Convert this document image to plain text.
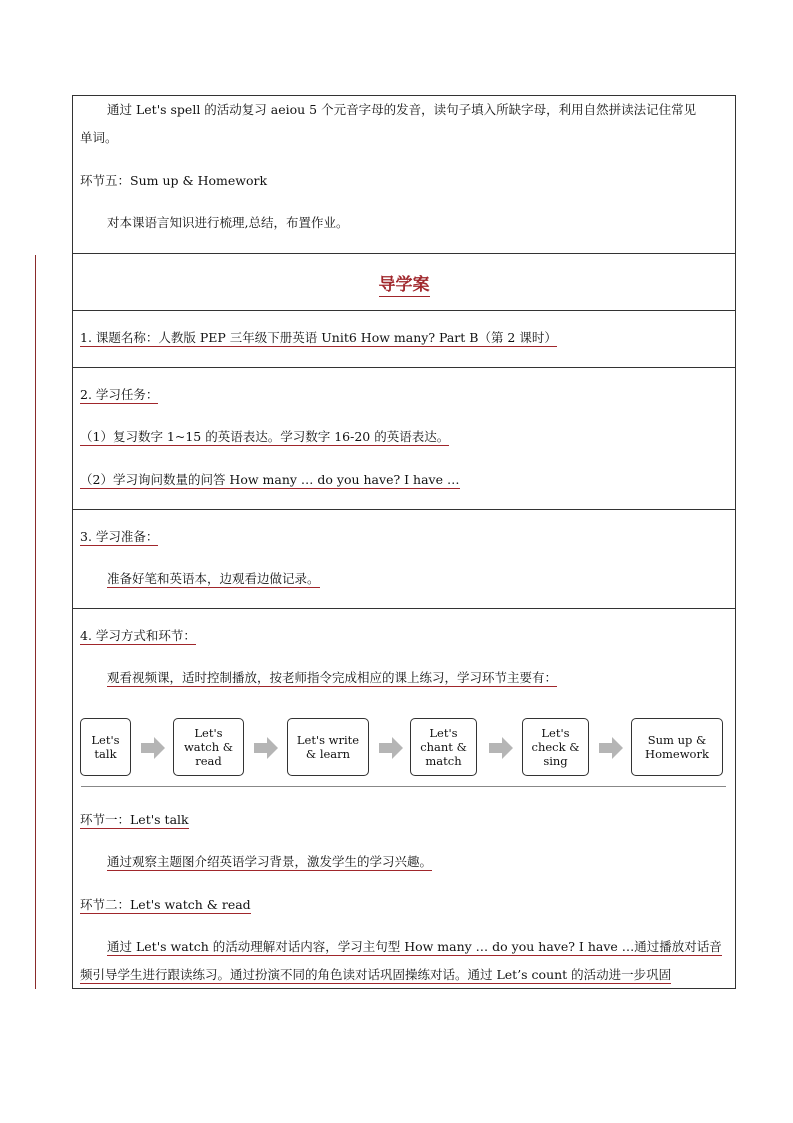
通过 Let's spell 的活动复习 aeiou 5 个元音字母的发音，读句子填入所缺字母，利用自然拼读法记住常见
单词。
环节五：Sum up & Homework
对本课语言知识进行梳理,总结，布置作业。
导学案
1. 课题名称：人教版 PEP 三年级下册英语 Unit6 How many? Part B（第 2 课时）
2. 学习任务：
（1）复习数字 1~15 的英语表达。学习数字 16-20 的英语表达。
（2）学习询问数量的问答 How many … do you have? I have …
3. 学习准备：
准备好笔和英语本，边观看边做记录。
4. 学习方式和环节：
观看视频课，适时控制播放，按老师指令完成相应的课上练习，学习环节主要有：
Let's
talk
Let's
watch &
read
Let's write
& learn
Let's
chant &
match
Let's
check &
sing
Sum up &
Homework
环节一：Let's talk
通过观察主题图介绍英语学习背景，激发学生的学习兴趣。
环节二：Let's watch & read
通过 Let's watch 的活动理解对话内容，学习主句型 How many … do you have? I have …通过播放对话音
频引导学生进行跟读练习。通过扮演不同的角色读对话巩固操练对话。通过 Let’s count 的活动进一步巩固
